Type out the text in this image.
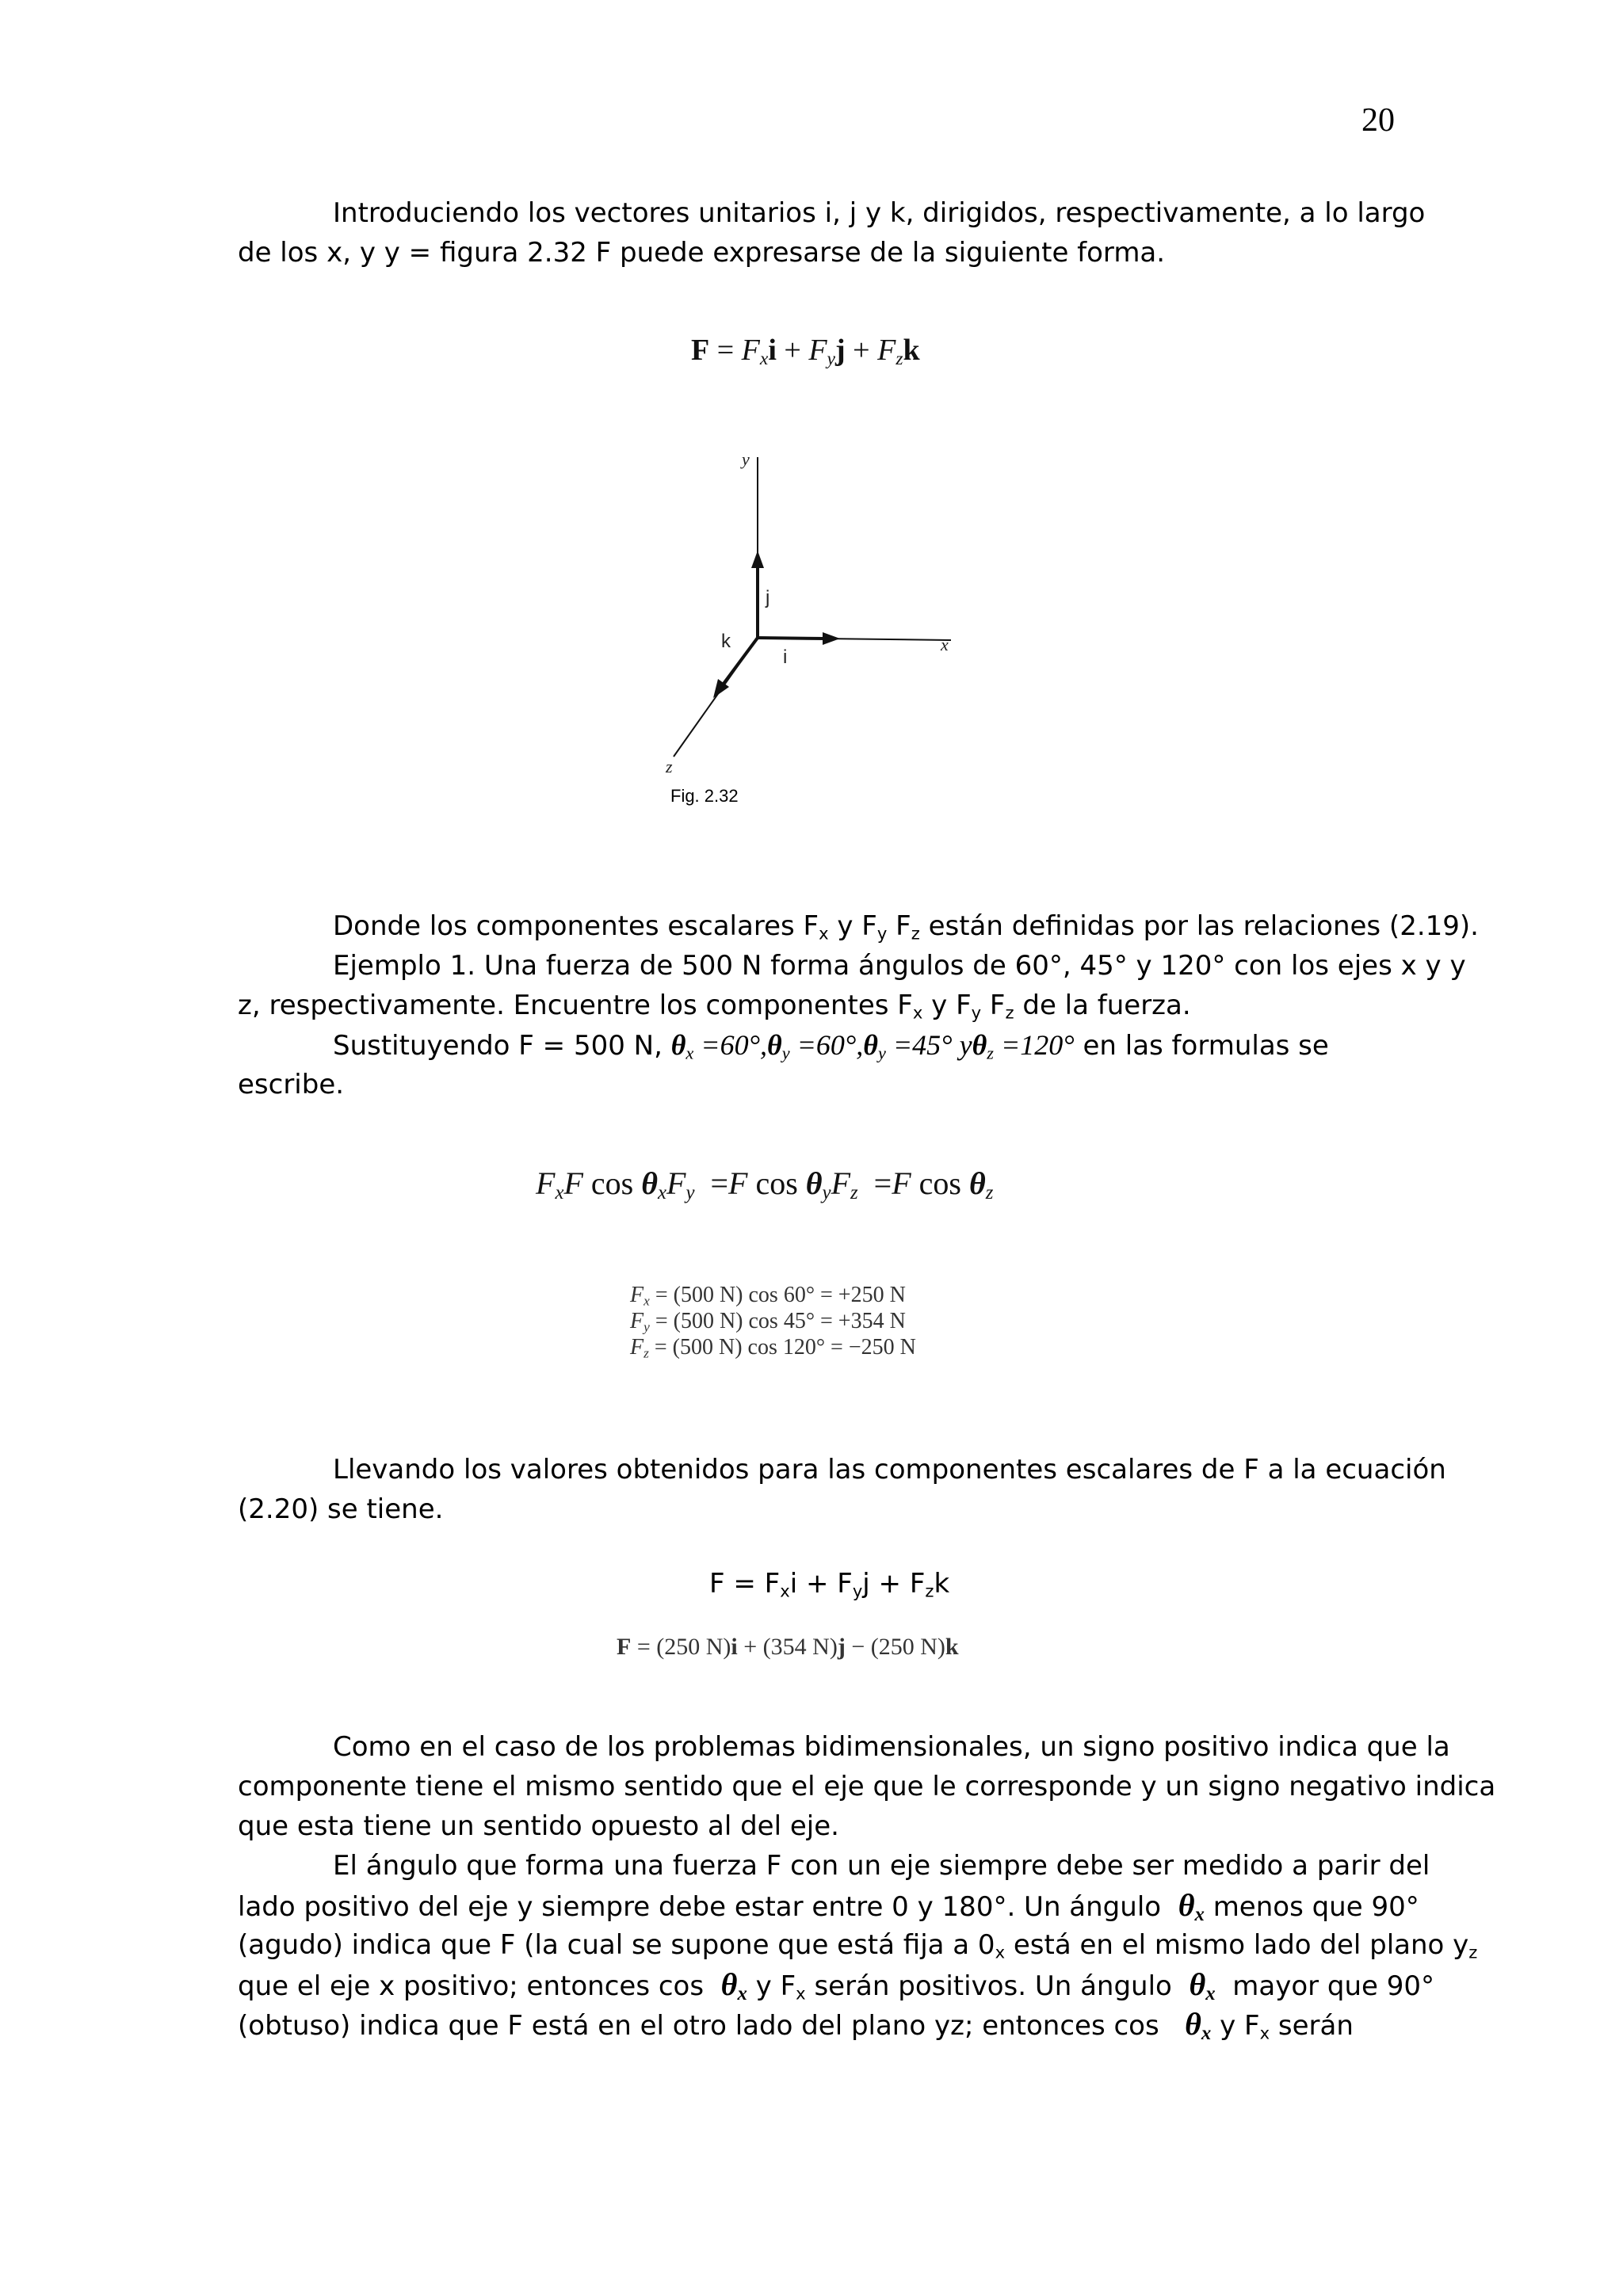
20
Introduciendo los vectores unitarios i, j y k, dirigidos, respectivamente, a lo largo
de los x, y y = figura 2.32 F puede expresarse de la siguiente forma.
$F = F_xi + F_yj + F_zk$
y
x
z
j
i
k
Fig. 2.32
Donde los componentes escalares $F_x$ y $F_y$ $F_z$ están definidas por las relaciones (2.19).
Ejemplo 1. Una fuerza de 500 N forma ángulos de 60°, 45° y 120° con los ejes x y y
z, respectivamente. Encuentre los componentes $F_x$ y $F_y$ $F_z$ de la fuerza.
Sustituyendo F = 500 N, $\theta_x =60^\circ,\theta_y =60^\circ,\theta_y =45^\circ$ $y\theta_z =120^\circ$ en las formulas se
escribe.
$F_xF$ $\cos \theta_xF_y =F$ $\cos \theta_yF_z =F$ $\cos \theta_z$
$F_x = (500$ N) cos 60° = +250 N
$F_y = (500$ N) cos 45° = +354 N
$F_z = (500$ N) cos 120° = −250 N
Llevando los valores obtenidos para las componentes escalares de F a la ecuación
(2.20) se tiene.
$F = F_xi + F_yj + F_zk$
F = (250 N)i + (354 N)j − (250 N)k
Como en el caso de los problemas bidimensionales, un signo positivo indica que la
componente tiene el mismo sentido que el eje que le corresponde y un signo negativo indica
que esta tiene un sentido opuesto al del eje.
El ángulo que forma una fuerza F con un eje siempre debe ser medido a parir del
lado positivo del eje y siempre debe estar entre 0 y 180°. Un ángulo $\theta_x$ menos que 90°
(agudo) indica que F (la cual se supone que está fija a $0_x$ está en el mismo lado del plano $y_z$
que el eje x positivo; entonces $\cos \theta_x$ y $F_x$ serán positivos. Un ángulo $\theta_x$ mayor que 90°
(obtuso) indica que F está en el otro lado del plano yz; entonces $\cos \theta_x$ y $F_x$ serán
